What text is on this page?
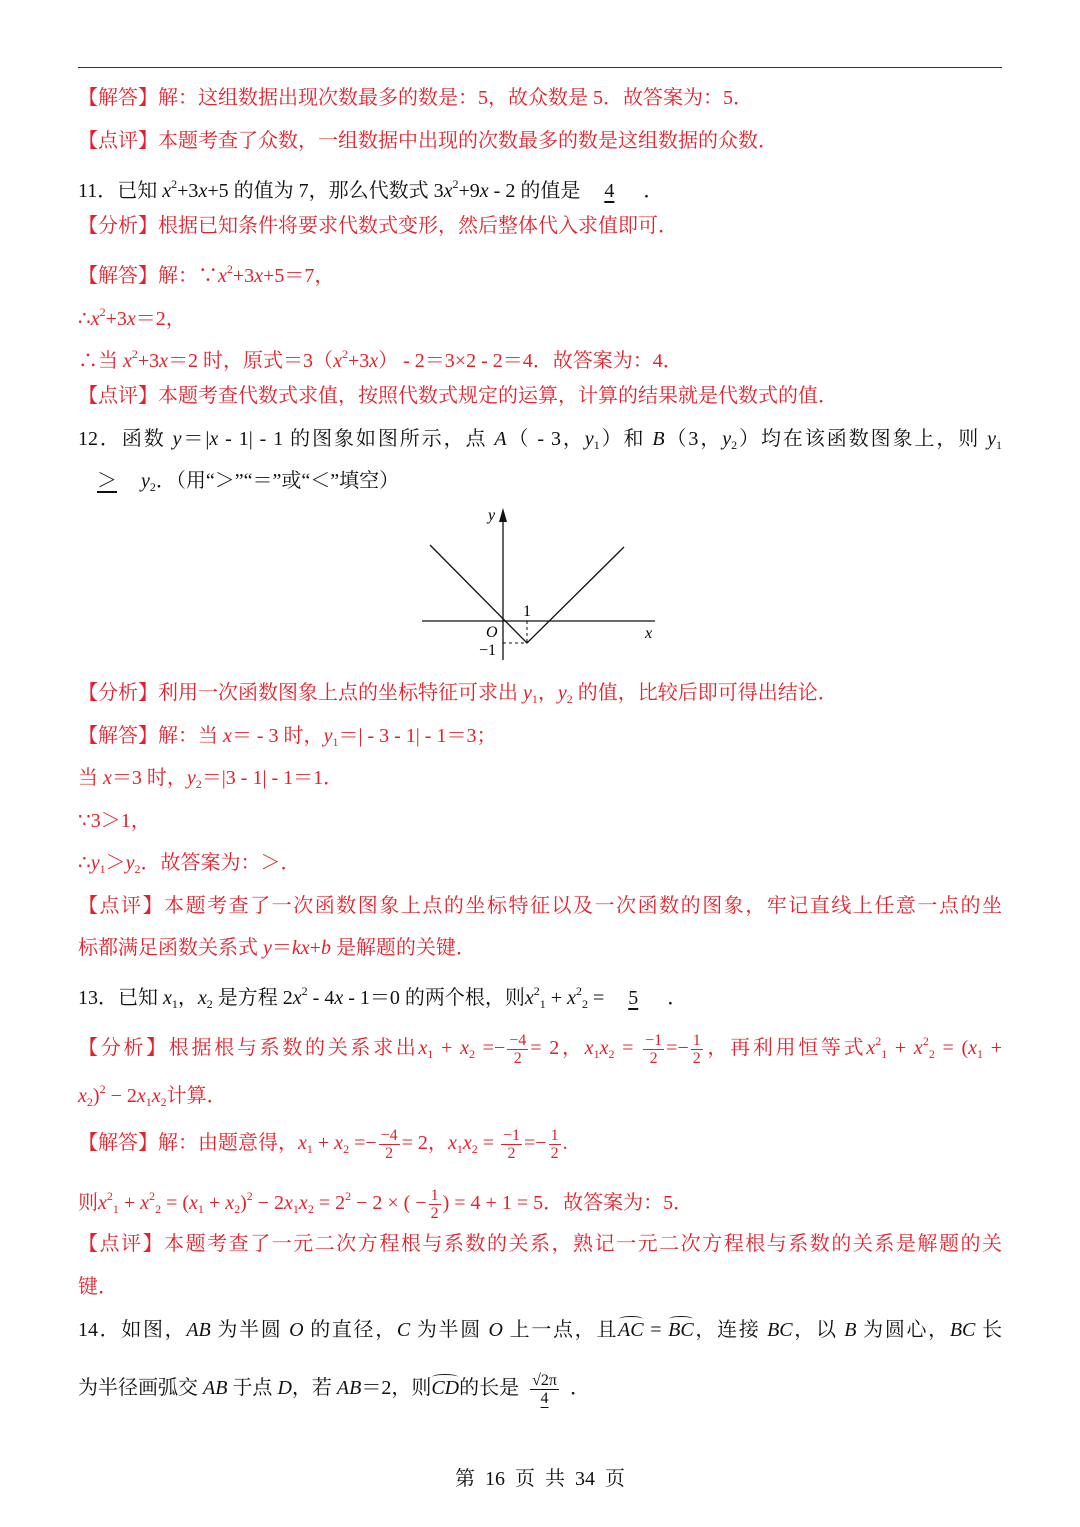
【解答】解：这组数据出现次数最多的数是：5，故众数是 5．故答案为：5．
【点评】本题考查了众数，一组数据中出现的次数最多的数是这组数据的众数．
11．已知 $x^2+3x+5$ 的值为 7，那么代数式 $3x^2+9x - 2$ 的值是 4 ．
【分析】根据已知条件将要求代数式变形，然后整体代入求值即可．
【解答】解：$\because x^2+3x+5=7$，
$\therefore x^2+3x=2$，
∴当 $x^2+3x=2$ 时，原式$=3(x^2+3x) - 2=3\times 2 - 2=4$．故答案为：4．
【点评】本题考查代数式求值，按照代数式规定的运算，计算的结果就是代数式的值．
12．函数 y＝|x - 1| - 1 的图象如图所示，点 A（ - 3，$y_1$）和 B（3，$y_2$）均在该函数图象上，则 $y_1$
＞ $y_2$．（用“＞”“＝”或“＜”填空）
【分析】利用一次函数图象上点的坐标特征可求出 $y_1$，$y_2$ 的值，比较后即可得出结论．
【解答】解：当 x＝ - 3 时，$y_1=| - 3 - 1| - 1=3$；
当 x＝3 时，$y_2=|3 - 1| - 1=1$．
∵3＞1，
$\therefore y_1>y_2$．故答案为：＞．
【点评】本题考查了一次函数图象上点的坐标特征以及一次函数的图象，牢记直线上任意一点的坐
标都满足函数关系式 y＝kx+b 是解题的关键．
13．已知 $x_1$，$x_2$ 是方程 $2x^2 - 4x - 1=0$ 的两个根，则$x^2_1 + x^2_2 = 5$ ．
【分析】根据根与系数的关系求出$x_1 + x_2 =- \frac{-4}{2} = 2$，$x_1x_2 = \frac{-1}{2} =- \frac{1}{2}$ ，再利用恒等式$x^2_1 + x^2_2 = (x_1$ +
$x_2)^2 - 2x_1x_2$计算．
【解答】解：由题意得，$x_1 + x_2 =- \frac{-4}{2} = 2$，$x_1x_2 = \frac{-1}{2} =- \frac{1}{2}$ .
则$x^2_1 + x^2_2 = (x_1 + x_2)^2 - 2x_1x_2 = 2^2 - 2$ × ( − $\frac{1}{2}$ ) = 4 + 1 = 5．故答案为：5．
【点评】本题考查了一元二次方程根与系数的关系，熟记一元二次方程根与系数的关系是解题的关
键．
14．如图，AB 为半圆 O 的直径，C 为半圆 O 上一点，且AC = BC，连接 BC，以 B 为圆心，BC 长
为半径画弧交 AB 于点 D，若 AB＝2，则CD的长是 $\frac{√2\pi}{4}$ ．
y
x
O
1
−1
第  16  页  共  34  页
